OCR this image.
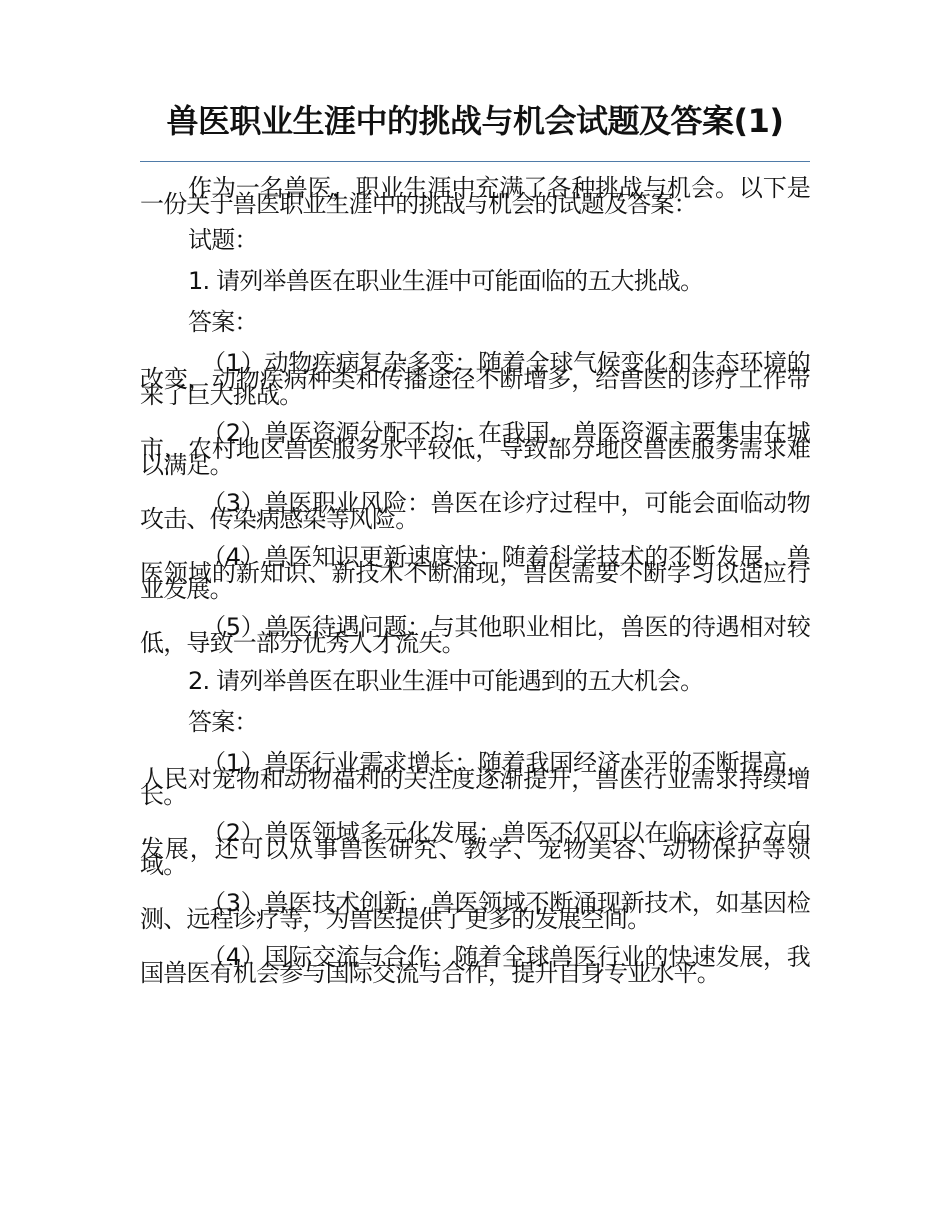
兽医职业生涯中的挑战与机会试题及答案(1)

作为一名兽医，职业生涯中充满了各种挑战与机会。以下是一份关于兽医职业生涯中的挑战与机会的试题及答案：

试题：

1. 请列举兽医在职业生涯中可能面临的五大挑战。

答案：

（1）动物疾病复杂多变：随着全球气候变化和生态环境的改变，动物疾病种类和传播途径不断增多，给兽医的诊疗工作带来了巨大挑战。

（2）兽医资源分配不均：在我国，兽医资源主要集中在城市，农村地区兽医服务水平较低，导致部分地区兽医服务需求难以满足。

（3）兽医职业风险：兽医在诊疗过程中，可能会面临动物攻击、传染病感染等风险。

（4）兽医知识更新速度快：随着科学技术的不断发展，兽医领域的新知识、新技术不断涌现，兽医需要不断学习以适应行业发展。

（5）兽医待遇问题：与其他职业相比，兽医的待遇相对较低，导致一部分优秀人才流失。

2. 请列举兽医在职业生涯中可能遇到的五大机会。

答案：

（1）兽医行业需求增长：随着我国经济水平的不断提高，人民对宠物和动物福利的关注度逐渐提升，兽医行业需求持续增长。

（2）兽医领域多元化发展：兽医不仅可以在临床诊疗方向发展，还可以从事兽医研究、教学、宠物美容、动物保护等领域。

（3）兽医技术创新：兽医领域不断涌现新技术，如基因检测、远程诊疗等，为兽医提供了更多的发展空间。

（4）国际交流与合作：随着全球兽医行业的快速发展，我国兽医有机会参与国际交流与合作，提升自身专业水平。
